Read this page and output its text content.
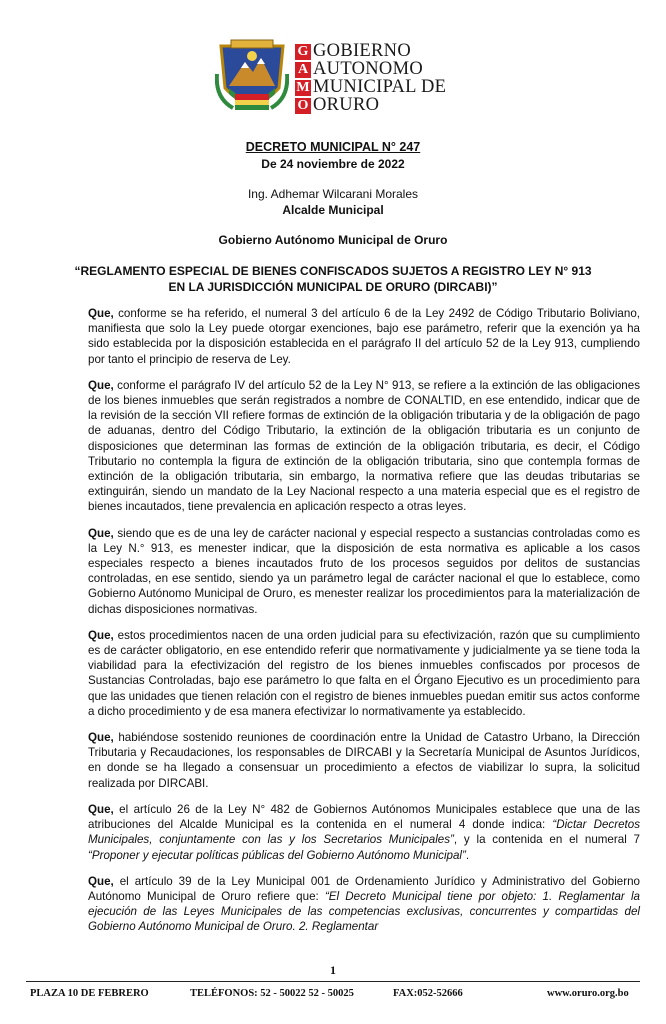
G
A
M
O
GOBIERNO
AUTONOMO
MUNICIPAL DE
ORURO
DECRETO MUNICIPAL N° 247
De 24 noviembre de 2022
Ing. Adhemar Wilcarani Morales
Alcalde Municipal
Gobierno Autónomo Municipal de Oruro
“REGLAMENTO ESPECIAL DE BIENES CONFISCADOS SUJETOS A REGISTRO LEY N° 913
EN LA JURISDICCIÓN MUNICIPAL DE ORURO (DIRCABI)”

Que, conforme se ha referido, el numeral 3 del artículo 6 de la Ley 2492 de Código Tributario Boliviano, manifiesta que solo la Ley puede otorgar exenciones, bajo ese parámetro, referir que la exención ya ha sido establecida por la disposición establecida en el parágrafo II del artículo 52 de la Ley 913, cumpliendo por tanto el principio de reserva de Ley.

Que, conforme el parágrafo IV del artículo 52 de la Ley N° 913, se refiere a la extinción de las obligaciones de los bienes inmuebles que serán registrados a nombre de CONALTID, en ese entendido, indicar que de la revisión de la sección VII refiere formas de extinción de la obligación tributaria y de la obligación de pago de aduanas, dentro del Código Tributario, la extinción de la obligación tributaria es un conjunto de disposiciones que determinan las formas de extinción de la obligación tributaria, es decir, el Código Tributario no contempla la figura de extinción de la obligación tributaria, sino que contempla formas de extinción de la obligación tributaria, sin embargo, la normativa refiere que las deudas tributarias se extinguirán, siendo un mandato de la Ley Nacional respecto a una materia especial que es el registro de bienes incautados, tiene prevalencia en aplicación respecto a otras leyes.

Que, siendo que es de una ley de carácter nacional y especial respecto a sustancias controladas como es la Ley N.° 913, es menester indicar, que la disposición de esta normativa es aplicable a los casos especiales respecto a bienes incautados fruto de los procesos seguidos por delitos de sustancias controladas, en ese sentido, siendo ya un parámetro legal de carácter nacional el que lo establece, como Gobierno Autónomo Municipal de Oruro, es menester realizar los procedimientos para la materialización de dichas disposiciones normativas.

Que, estos procedimientos nacen de una orden judicial para su efectivización, razón que su cumplimiento es de carácter obligatorio, en ese entendido referir que normativamente y judicialmente ya se tiene toda la viabilidad para la efectivización del registro de los bienes inmuebles confiscados por procesos de Sustancias Controladas, bajo ese parámetro lo que falta en el Órgano Ejecutivo es un procedimiento para que las unidades que tienen relación con el registro de bienes inmuebles puedan emitir sus actos conforme a dicho procedimiento y de esa manera efectivizar lo normativamente ya establecido.

Que, habiéndose sostenido reuniones de coordinación entre la Unidad de Catastro Urbano, la Dirección Tributaria y Recaudaciones, los responsables de DIRCABI y la Secretaría Municipal de Asuntos Jurídicos, en donde se ha llegado a consensuar un procedimiento a efectos de viabilizar lo supra, la solicitud realizada por DIRCABI.

Que, el artículo 26 de la Ley N° 482 de Gobiernos Autónomos Municipales establece que una de las atribuciones del Alcalde Municipal es la contenida en el numeral 4 donde indica: “Dictar Decretos Municipales, conjuntamente con las y los Secretarios Municipales”, y la contenida en el numeral 7 “Proponer y ejecutar políticas públicas del Gobierno Autónomo Municipal”.

Que, el artículo 39 de la Ley Municipal 001 de Ordenamiento Jurídico y Administrativo del Gobierno Autónomo Municipal de Oruro refiere que: “El Decreto Municipal tiene por objeto: 1. Reglamentar la ejecución de las Leyes Municipales de las competencias exclusivas, concurrentes y compartidas del Gobierno Autónomo Municipal de Oruro. 2. Reglamentar

1
PLAZA 10 DE FEBRERO	TELÉFONOS: 52 - 50022 52 - 50025	FAX:052-52666	www.oruro.org.bo
